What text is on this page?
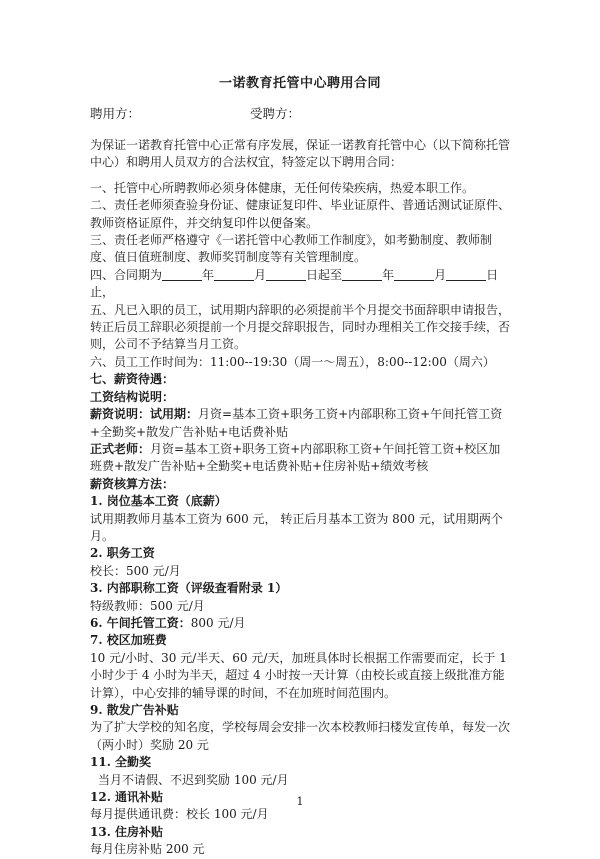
一诺教育托管中心聘用合同
聘用方：	受聘方：

为保证一诺教育托管中心正常有序发展，保证一诺教育托管中心（以下简称托管中心）和聘用人员双方的合法权宜，特签定以下聘用合同：

一、托管中心所聘教师必须身体健康，无任何传染疾病，热爱本职工作。

二、责任老师须查验身份证、健康证复印件、毕业证原件、普通话测试证原件、教师资格证原件，并交纳复印件以便备案。

三、责任老师严格遵守《一诺托管中心教师工作制度》，如考勤制度、教师制度、值日值班制度、教师奖罚制度等有关管理制度。

四、合同期为	年	月	日起至	年	月	日止，

五、凡已入职的员工，试用期内辞职的必须提前半个月提交书面辞职申请报告，转正后员工辞职必须提前一个月提交辞职报告，同时办理相关工作交接手续，否则，公司不予结算当月工资。

六、员工工作时间为：11:00--19:30（周一～周五），8:00--12:00（周六）

七、薪资待遇：

工资结构说明：

薪资说明：试用期：月资=基本工资+职务工资+内部职称工资+午间托管工资+全勤奖+散发广告补贴+电话费补贴

正式老师：月资=基本工资+职务工资+内部职称工资+午间托管工资+校区加班费+散发广告补贴+全勤奖+电话费补贴+住房补贴+绩效考核

薪资核算方法：

1. 岗位基本工资（底薪）

试用期教师月基本工资为 600 元， 转正后月基本工资为 800 元，试用期两个月。

2. 职务工资

校长：500 元/月

3. 内部职称工资（评级查看附录 1）

特级教师：500 元/月

6. 午间托管工资：800 元/月

7. 校区加班费

10 元/小时、30 元/半天、60 元/天，加班具体时长根据工作需要而定，长于 1 小时少于 4 小时为半天，超过 4 小时按一天计算（由校长或直接上级批准方能计算），中心安排的辅导课的时间，不在加班时间范围内。

9. 散发广告补贴

为了扩大学校的知名度，学校每周会安排一次本校教师扫楼发宣传单，每发一次（两小时）奖励 20 元

11. 全勤奖

当月不请假、不迟到奖励 100 元/月

12. 通讯补贴

每月提供通讯费：校长 100 元/月

13. 住房补贴

每月住房补贴 200 元

1
